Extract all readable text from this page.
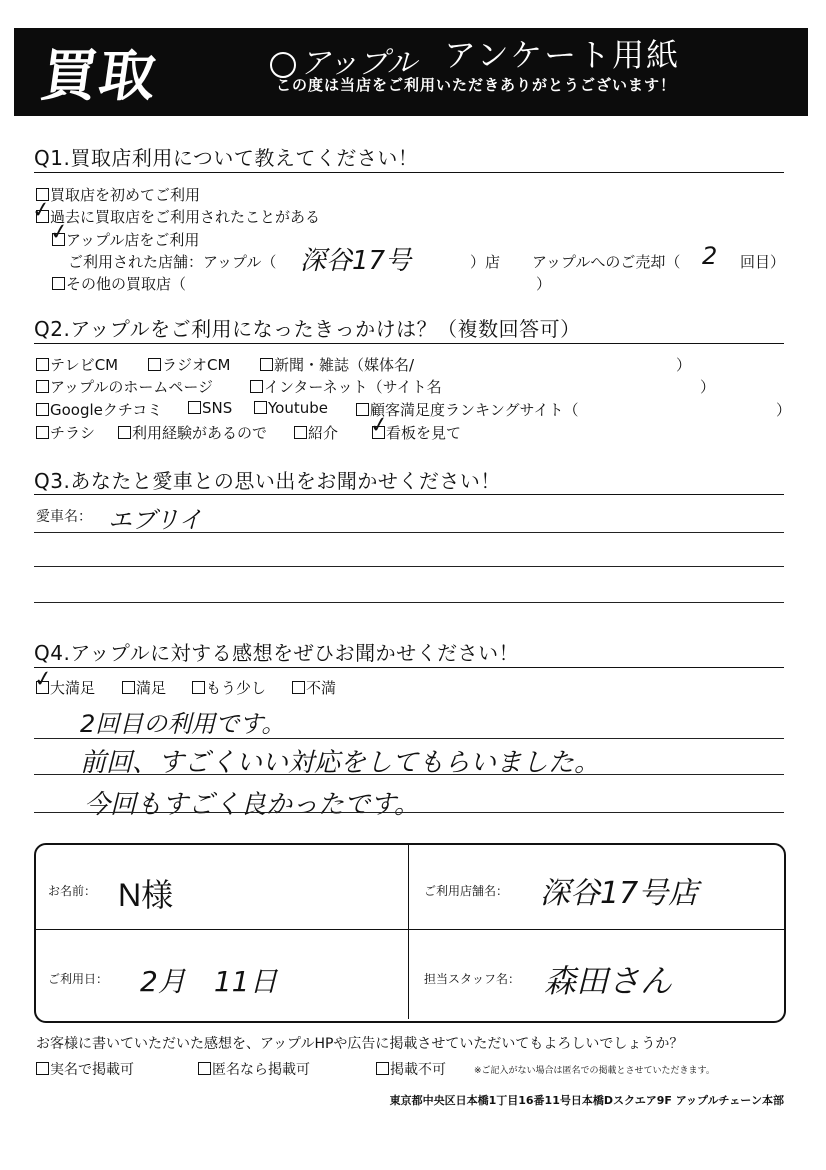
買取	アップル アンケート用紙
この度は当店をご利用いただきありがとうございます！
Q1.買取店利用について教えてください！
買取店を初めてご利用
過去に買取店をご利用されたことがある
✓
アップル店をご利用
✓
ご利用された店舗：アップル（ 深谷17号	）店 アップルへのご売却（ 2 回目）
その他の買取店（	）
Q2.アップルをご利用になったきっかけは？（複数回答可）
テレビCM	ラジオCM	新聞・雑誌（媒体名/	）
アップルのホームページ	インターネット（サイト名	）
Googleクチコミ	SNS	Youtube	顧客満足度ランキングサイト（	）
チラシ	利用経験があるので	紹介	看板を見て
✓
Q3.あなたと愛車との思い出をお聞かせください！
愛車名： エブリイ
Q4.アップルに対する感想をぜひお聞かせください！
大満足
✓	満足	もう少し	不満
2回目の利用です。
前回、すごくいい対応をしてもらいました。
今回もすごく良かったです。
お名前： N様	ご利用店舗名： 深谷17号店
ご利用日： 2月　11日	担当スタッフ名： 森田さん
お客様に書いていただいた感想を、アップルHPや広告に掲載させていただいてもよろしいでしょうか？
実名で掲載可	匿名なら掲載可	掲載不可	※ご記入がない場合は匿名での掲載とさせていただきます。
東京都中央区日本橋1丁目16番11号日本橋Dスクエア9F アップルチェーン本部
